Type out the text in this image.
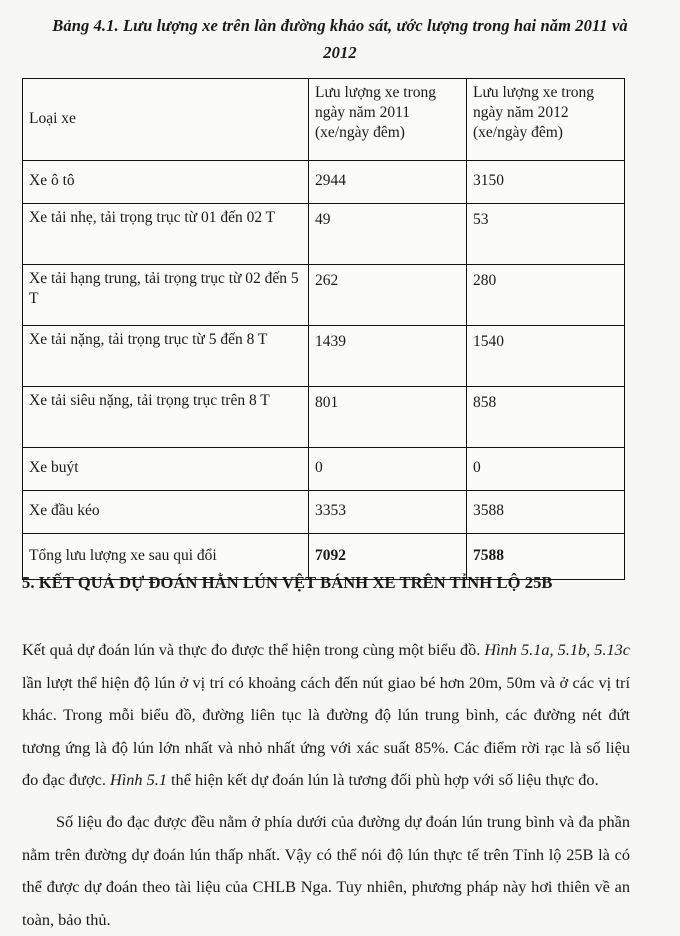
Bảng 4.1. Lưu lượng xe trên làn đường khảo sát, ước lượng trong hai năm 2011 và 2012
Loại xe	Lưu lượng xe trong ngày năm 2011 (xe/ngày đêm)	Lưu lượng xe trong ngày năm 2012 (xe/ngày đêm)
Xe ô tô	2944	3150
Xe tải nhẹ, tải trọng trục từ 01 đến 02 T	49	53
Xe tải hạng trung, tải trọng trục từ 02 đến 5 T	262	280
Xe tải nặng, tải trọng trục từ 5 đến 8 T	1439	1540
Xe tải siêu nặng, tải trọng trục trên 8 T	801	858
Xe buýt	0	0
Xe đầu kéo	3353	3588
Tổng lưu lượng xe sau qui đổi	7092	7588
5. KẾT QUẢ DỰ ĐOÁN HẰN LÚN VỆT BÁNH XE TRÊN TỈNH LỘ 25B

Kết quả dự đoán lún và thực đo được thể hiện trong cùng một biểu đồ. Hình 5.1a, 5.1b, 5.13c lần lượt thể hiện độ lún ở vị trí có khoảng cách đến nút giao bé hơn 20m, 50m và ở các vị trí khác. Trong mỗi biểu đồ, đường liên tục là đường độ lún trung bình, các đường nét đứt tương ứng là độ lún lớn nhất và nhỏ nhất ứng với xác suất 85%. Các điểm rời rạc là số liệu đo đạc được. Hình 5.1 thể hiện kết dự đoán lún là tương đối phù hợp với số liệu thực đo.

Số liệu đo đạc được đều nằm ở phía dưới của đường dự đoán lún trung bình và đa phần nằm trên đường dự đoán lún thấp nhất. Vậy có thể nói độ lún thực tế trên Tỉnh lộ 25B là có thể được dự đoán theo tài liệu của CHLB Nga. Tuy nhiên, phương pháp này hơi thiên về an toàn, bảo thủ.
